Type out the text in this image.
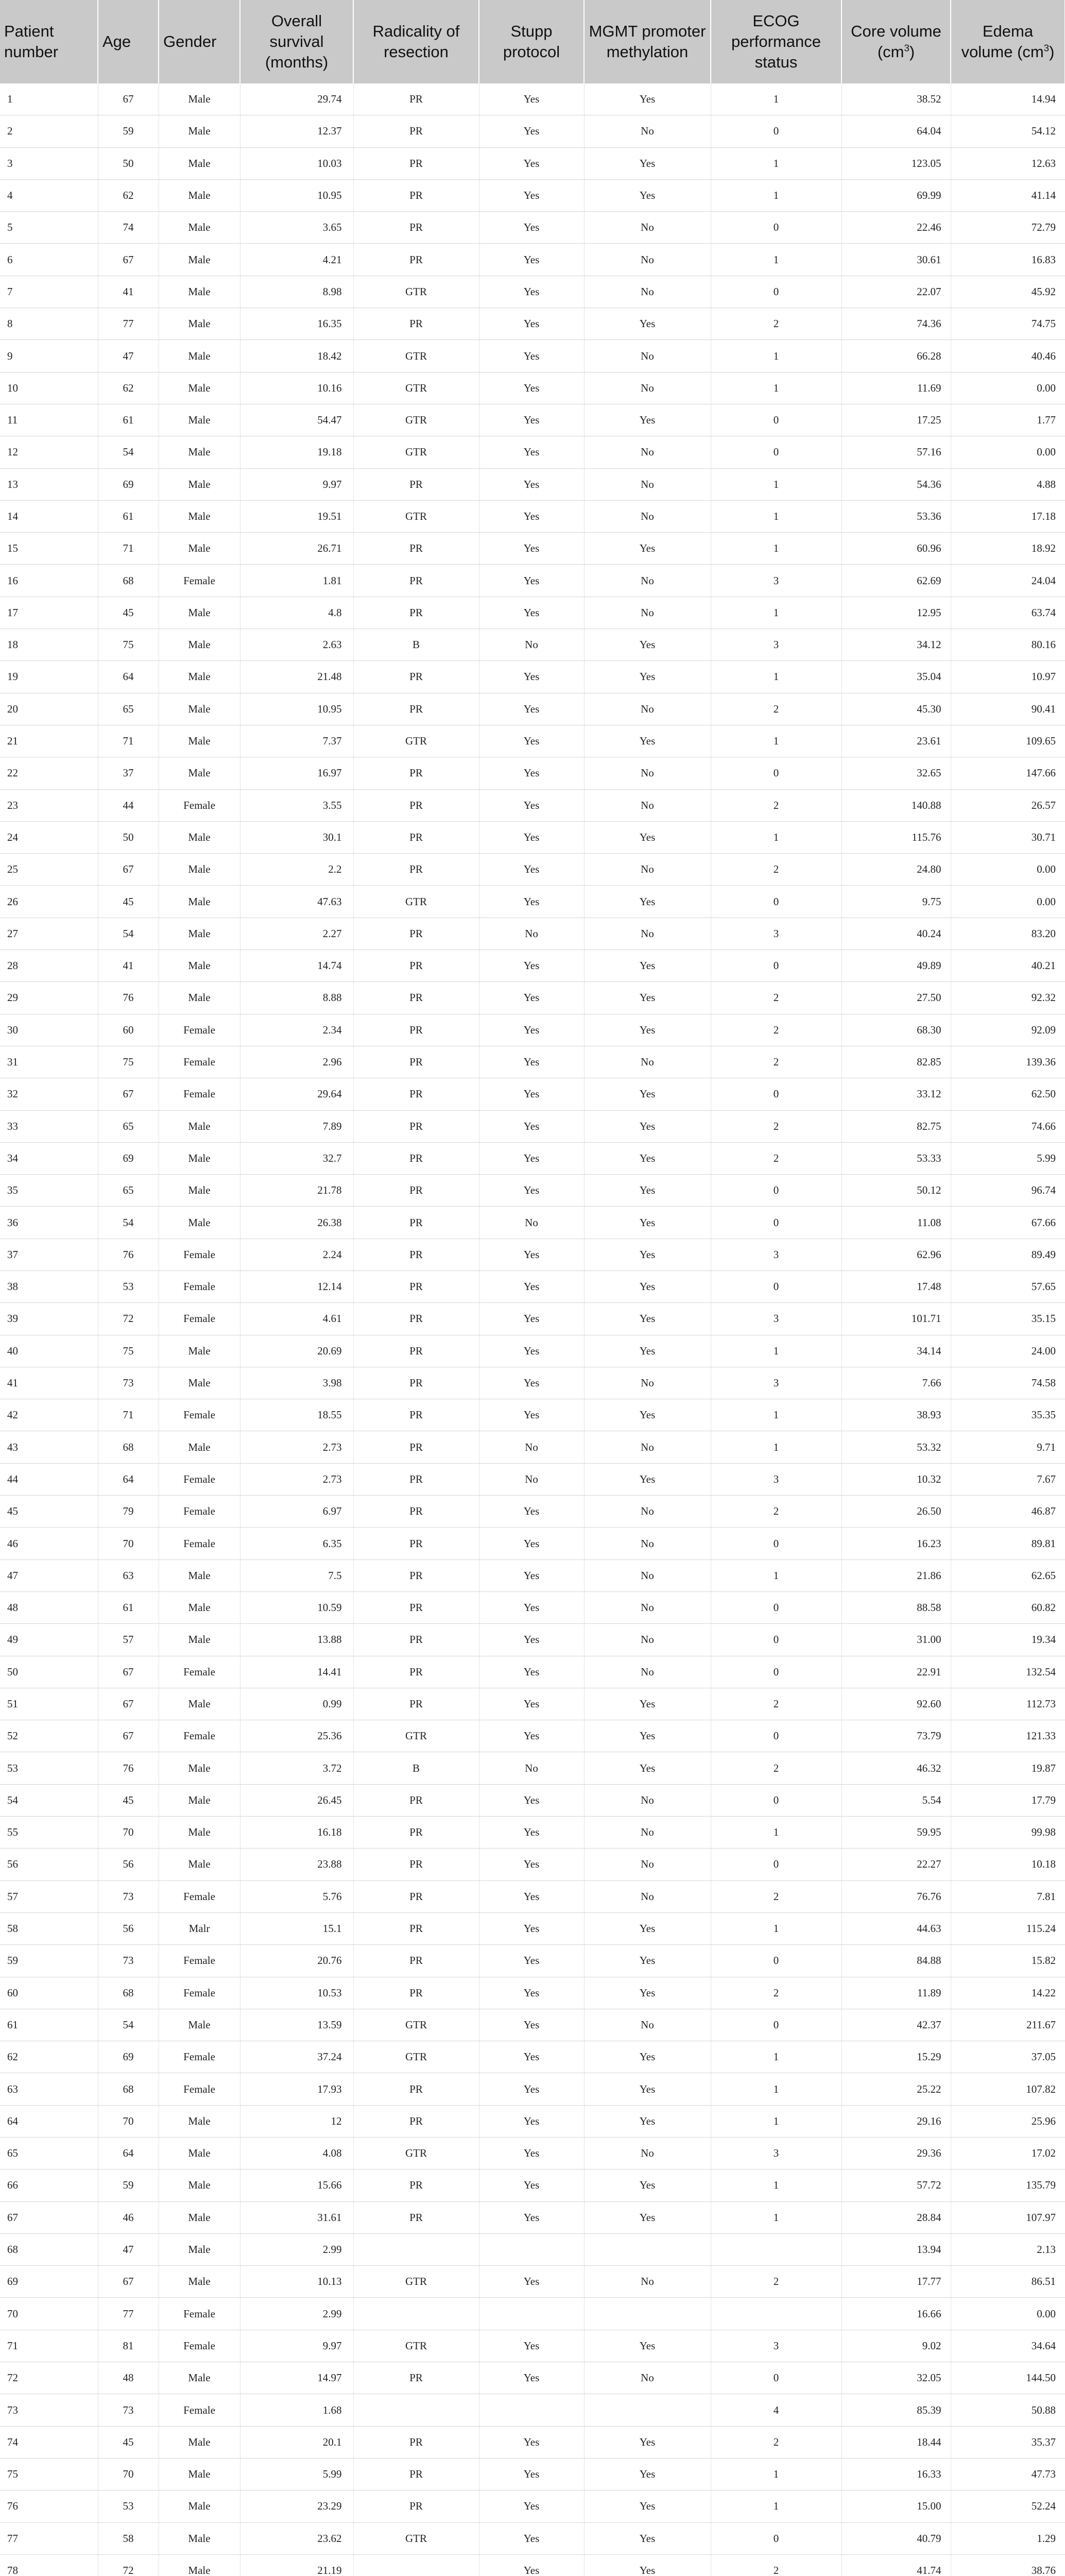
Patient number	Age	Gender	Overall survival (months)	Radicality of resection	Stupp protocol	MGMT promoter methylation	ECOG performance status	Core volume $(cm^3)$	Edema volume $(cm^3)$
1	67	Male	29.74	PR	Yes	Yes	1	38.52	14.94
2	59	Male	12.37	PR	Yes	No	0	64.04	54.12
3	50	Male	10.03	PR	Yes	Yes	1	123.05	12.63
4	62	Male	10.95	PR	Yes	Yes	1	69.99	41.14
5	74	Male	3.65	PR	Yes	No	0	22.46	72.79
6	67	Male	4.21	PR	Yes	No	1	30.61	16.83
7	41	Male	8.98	GTR	Yes	No	0	22.07	45.92
8	77	Male	16.35	PR	Yes	Yes	2	74.36	74.75
9	47	Male	18.42	GTR	Yes	No	1	66.28	40.46
10	62	Male	10.16	GTR	Yes	No	1	11.69	0.00
11	61	Male	54.47	GTR	Yes	Yes	0	17.25	1.77
12	54	Male	19.18	GTR	Yes	No	0	57.16	0.00
13	69	Male	9.97	PR	Yes	No	1	54.36	4.88
14	61	Male	19.51	GTR	Yes	No	1	53.36	17.18
15	71	Male	26.71	PR	Yes	Yes	1	60.96	18.92
16	68	Female	1.81	PR	Yes	No	3	62.69	24.04
17	45	Male	4.8	PR	Yes	No	1	12.95	63.74
18	75	Male	2.63	B	No	Yes	3	34.12	80.16
19	64	Male	21.48	PR	Yes	Yes	1	35.04	10.97
20	65	Male	10.95	PR	Yes	No	2	45.30	90.41
21	71	Male	7.37	GTR	Yes	Yes	1	23.61	109.65
22	37	Male	16.97	PR	Yes	No	0	32.65	147.66
23	44	Female	3.55	PR	Yes	No	2	140.88	26.57
24	50	Male	30.1	PR	Yes	Yes	1	115.76	30.71
25	67	Male	2.2	PR	Yes	No	2	24.80	0.00
26	45	Male	47.63	GTR	Yes	Yes	0	9.75	0.00
27	54	Male	2.27	PR	No	No	3	40.24	83.20
28	41	Male	14.74	PR	Yes	Yes	0	49.89	40.21
29	76	Male	8.88	PR	Yes	Yes	2	27.50	92.32
30	60	Female	2.34	PR	Yes	Yes	2	68.30	92.09
31	75	Female	2.96	PR	Yes	No	2	82.85	139.36
32	67	Female	29.64	PR	Yes	Yes	0	33.12	62.50
33	65	Male	7.89	PR	Yes	Yes	2	82.75	74.66
34	69	Male	32.7	PR	Yes	Yes	2	53.33	5.99
35	65	Male	21.78	PR	Yes	Yes	0	50.12	96.74
36	54	Male	26.38	PR	No	Yes	0	11.08	67.66
37	76	Female	2.24	PR	Yes	Yes	3	62.96	89.49
38	53	Female	12.14	PR	Yes	Yes	0	17.48	57.65
39	72	Female	4.61	PR	Yes	Yes	3	101.71	35.15
40	75	Male	20.69	PR	Yes	Yes	1	34.14	24.00
41	73	Male	3.98	PR	Yes	No	3	7.66	74.58
42	71	Female	18.55	PR	Yes	Yes	1	38.93	35.35
43	68	Male	2.73	PR	No	No	1	53.32	9.71
44	64	Female	2.73	PR	No	Yes	3	10.32	7.67
45	79	Female	6.97	PR	Yes	No	2	26.50	46.87
46	70	Female	6.35	PR	Yes	No	0	16.23	89.81
47	63	Male	7.5	PR	Yes	No	1	21.86	62.65
48	61	Male	10.59	PR	Yes	No	0	88.58	60.82
49	57	Male	13.88	PR	Yes	No	0	31.00	19.34
50	67	Female	14.41	PR	Yes	No	0	22.91	132.54
51	67	Male	0.99	PR	Yes	Yes	2	92.60	112.73
52	67	Female	25.36	GTR	Yes	Yes	0	73.79	121.33
53	76	Male	3.72	B	No	Yes	2	46.32	19.87
54	45	Male	26.45	PR	Yes	No	0	5.54	17.79
55	70	Male	16.18	PR	Yes	No	1	59.95	99.98
56	56	Male	23.88	PR	Yes	No	0	22.27	10.18
57	73	Female	5.76	PR	Yes	No	2	76.76	7.81
58	56	Malr	15.1	PR	Yes	Yes	1	44.63	115.24
59	73	Female	20.76	PR	Yes	Yes	0	84.88	15.82
60	68	Female	10.53	PR	Yes	Yes	2	11.89	14.22
61	54	Male	13.59	GTR	Yes	No	0	42.37	211.67
62	69	Female	37.24	GTR	Yes	Yes	1	15.29	37.05
63	68	Female	17.93	PR	Yes	Yes	1	25.22	107.82
64	70	Male	12	PR	Yes	Yes	1	29.16	25.96
65	64	Male	4.08	GTR	Yes	No	3	29.36	17.02
66	59	Male	15.66	PR	Yes	Yes	1	57.72	135.79
67	46	Male	31.61	PR	Yes	Yes	1	28.84	107.97
68	47	Male	2.99					13.94	2.13
69	67	Male	10.13	GTR	Yes	No	2	17.77	86.51
70	77	Female	2.99					16.66	0.00
71	81	Female	9.97	GTR	Yes	Yes	3	9.02	34.64
72	48	Male	14.97	PR	Yes	No	0	32.05	144.50
73	73	Female	1.68				4	85.39	50.88
74	45	Male	20.1	PR	Yes	Yes	2	18.44	35.37
75	70	Male	5.99	PR	Yes	Yes	1	16.33	47.73
76	53	Male	23.29	PR	Yes	Yes	1	15.00	52.24
77	58	Male	23.62	GTR	Yes	Yes	0	40.79	1.29
78	72	Male	21.19		Yes	Yes	2	41.74	38.76
